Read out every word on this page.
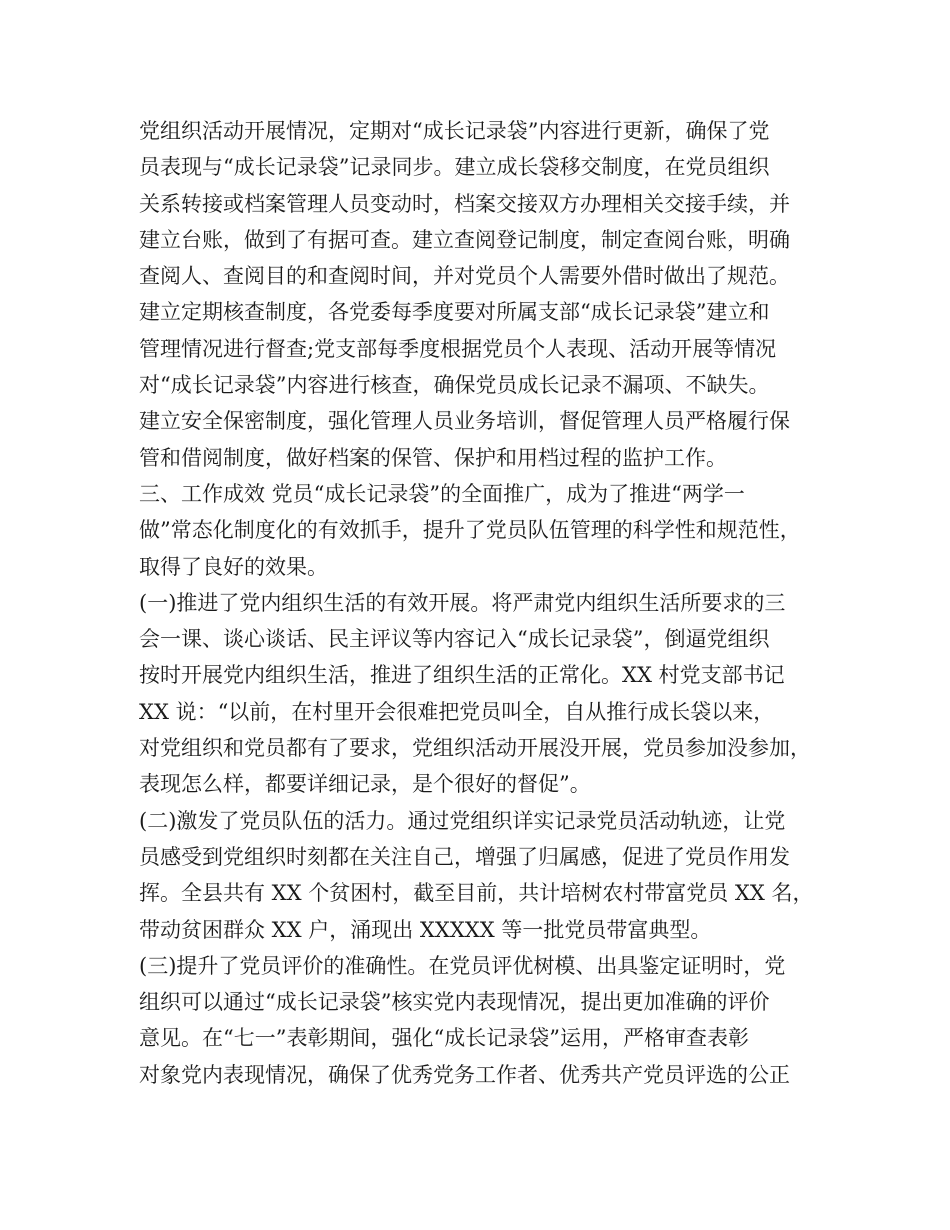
党组织活动开展情况，定期对“成长记录袋”内容进行更新，确保了党
员表现与“成长记录袋”记录同步。建立成长袋移交制度，在党员组织
关系转接或档案管理人员变动时，档案交接双方办理相关交接手续，并
建立台账，做到了有据可查。建立查阅登记制度，制定查阅台账，明确
查阅人、查阅目的和查阅时间，并对党员个人需要外借时做出了规范。
建立定期核查制度，各党委每季度要对所属支部“成长记录袋”建立和
管理情况进行督查;党支部每季度根据党员个人表现、活动开展等情况
对“成长记录袋”内容进行核查，确保党员成长记录不漏项、不缺失。
建立安全保密制度，强化管理人员业务培训，督促管理人员严格履行保
管和借阅制度，做好档案的保管、保护和用档过程的监护工作。
三、工作成效 党员“成长记录袋”的全面推广，成为了推进“两学一
做”常态化制度化的有效抓手，提升了党员队伍管理的科学性和规范性，
取得了良好的效果。
(一)推进了党内组织生活的有效开展。将严肃党内组织生活所要求的三
会一课、谈心谈话、民主评议等内容记入“成长记录袋”，倒逼党组织
按时开展党内组织生活，推进了组织生活的正常化。XX 村党支部书记
XX 说：“以前，在村里开会很难把党员叫全，自从推行成长袋以来，
对党组织和党员都有了要求，党组织活动开展没开展，党员参加没参加，
表现怎么样，都要详细记录，是个很好的督促”。
(二)激发了党员队伍的活力。通过党组织详实记录党员活动轨迹，让党
员感受到党组织时刻都在关注自己，增强了归属感，促进了党员作用发
挥。全县共有 XX 个贫困村，截至目前，共计培树农村带富党员 XX 名，
带动贫困群众 XX 户，涌现出 XXXXX 等一批党员带富典型。
(三)提升了党员评价的准确性。在党员评优树模、出具鉴定证明时，党
组织可以通过“成长记录袋”核实党内表现情况，提出更加准确的评价
意见。在“七一”表彰期间，强化“成长记录袋”运用，严格审查表彰
对象党内表现情况，确保了优秀党务工作者、优秀共产党员评选的公正
